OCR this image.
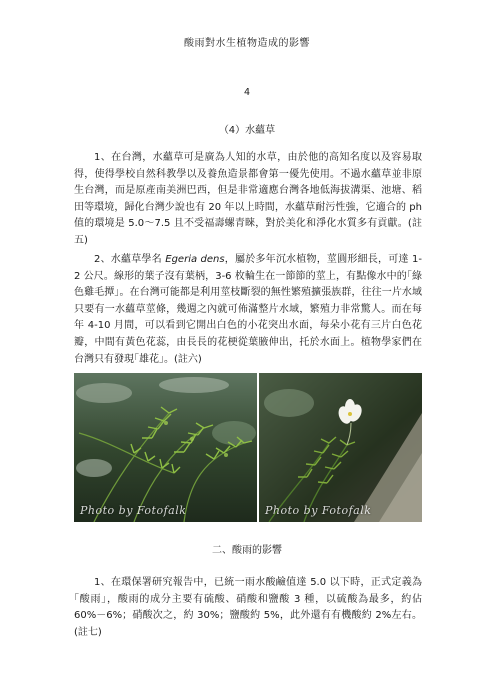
酸雨對水生植物造成的影響
4
（4）水蘊草

1、在台灣，水蘊草可是廣為人知的水草，由於他的高知名度以及容易取得，使得學校自然科教學以及養魚造景都會第一優先使用。不過水蘊草並非原生台灣，而是原產南美洲巴西，但是非常適應台灣各地低海拔溝渠、池塘、稻田等環境，歸化台灣少說也有 20 年以上時間，水蘊草耐污性強，它適合的 ph 值的環境是 5.0～7.5 且不受福壽螺青睞，對於美化和淨化水質多有貢獻。(註五)

2、水蘊草學名 Egeria dens，屬於多年沉水植物，莖圓形細長，可達 1-2 公尺。線形的葉子沒有葉柄，3-6 枚輪生在一節節的莖上，有點像水中的｢綠色雞毛撢｣。在台灣可能都是利用莖枝斷裂的無性繁殖擴張族群，往往一片水域只要有一水蘊草莖條，幾週之內就可佈滿整片水域，繁殖力非常驚人。而在每年 4-10 月間，可以看到它開出白色的小花突出水面，每朵小花有三片白色花瓣，中間有黃色花蕊，由長長的花梗從葉腋伸出，托於水面上。植物學家們在台灣只有發現｢雄花｣。(註六)

Photo by Fotofalk	Photo by Fotofalk
二、酸雨的影響

1、在環保署研究報告中，已統一雨水酸鹼值達 5.0 以下時，正式定義為｢酸雨｣，酸雨的成分主要有硫酸、硝酸和鹽酸 3 種，以硫酸為最多，約佔 60%－6%；硝酸次之，約 30%；鹽酸約 5%，此外還有有機酸約 2%左右。(註七)
